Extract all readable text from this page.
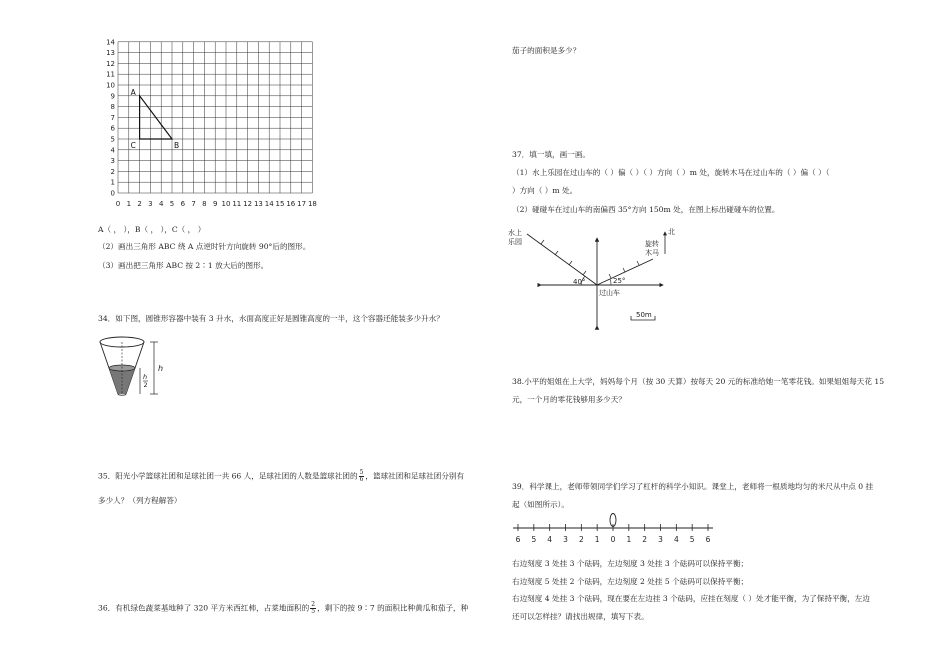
0 1 2 3 4 5 6 7 8 9 10 11 12 13 14 15 16 17 18
0
1
2
3
4
5
6
7
8
9
10
11
12
13
14
A
B
C
A（ ， ），B（ ， ），C（ ， ）
（2）画出三角形 ABC 绕 A 点逆时针方向旋转 90°后的图形。
（3）画出把三角形 ABC 按 2∶1 放大后的图形。
34．如下图，圆锥形容器中装有 3 升水，水面高度正好是圆锥高度的一半，这个容器还能装多少升水？
h
h
2
35．阳光小学篮球社团和足球社团一共 66 人，足球社团的人数是篮球社团的 $\frac{5}{6}$ ，篮球社团和足球社团分别有
多少人？（列方程解答）
36．有机绿色蔬菜基地种了 320 平方米西红柿，占菜地面积的 $\frac{2}{5}$ ，剩下的按 9∶7 的面积比种黄瓜和茄子，种
茄子的面积是多少？
37．填一填，画一画。
（1）水上乐园在过山车的（ ）偏（ ）（ ）方向（ ）m 处，旋转木马在过山车的（ ）偏（ ）（
）方向（ ）m 处。
（2）碰碰车在过山车的南偏西 35°方向 150m 处，在图上标出碰碰车的位置。
北
40°	25°
水上
乐园	旋转
木马
过山车
50m
38.小平的姐姐在上大学，妈妈每个月（按 30 天算）按每天 20 元的标准给她一笔零花钱。如果姐姐每天花 15
元，一个月的零花钱够用多少天？
39．科学课上，老师带领同学们学习了杠杆的科学小知识。课堂上，老师将一根质地均匀的米尺从中点 0 挂
起（如图所示）。
6 5 4 3 2 1 0 1 2 3 4 5 6
右边刻度 3 处挂 3 个砝码，左边刻度 3 处挂 3 个砝码可以保持平衡；
右边刻度 5 处挂 2 个砝码，左边刻度 2 处挂 5 个砝码可以保持平衡；
右边刻度 4 处挂 3 个砝码，现在要在左边挂 3 个砝码，应挂在刻度（ ）处才能平衡，为了保持平衡，左边
还可以怎样挂？请找出规律，填写下表。
